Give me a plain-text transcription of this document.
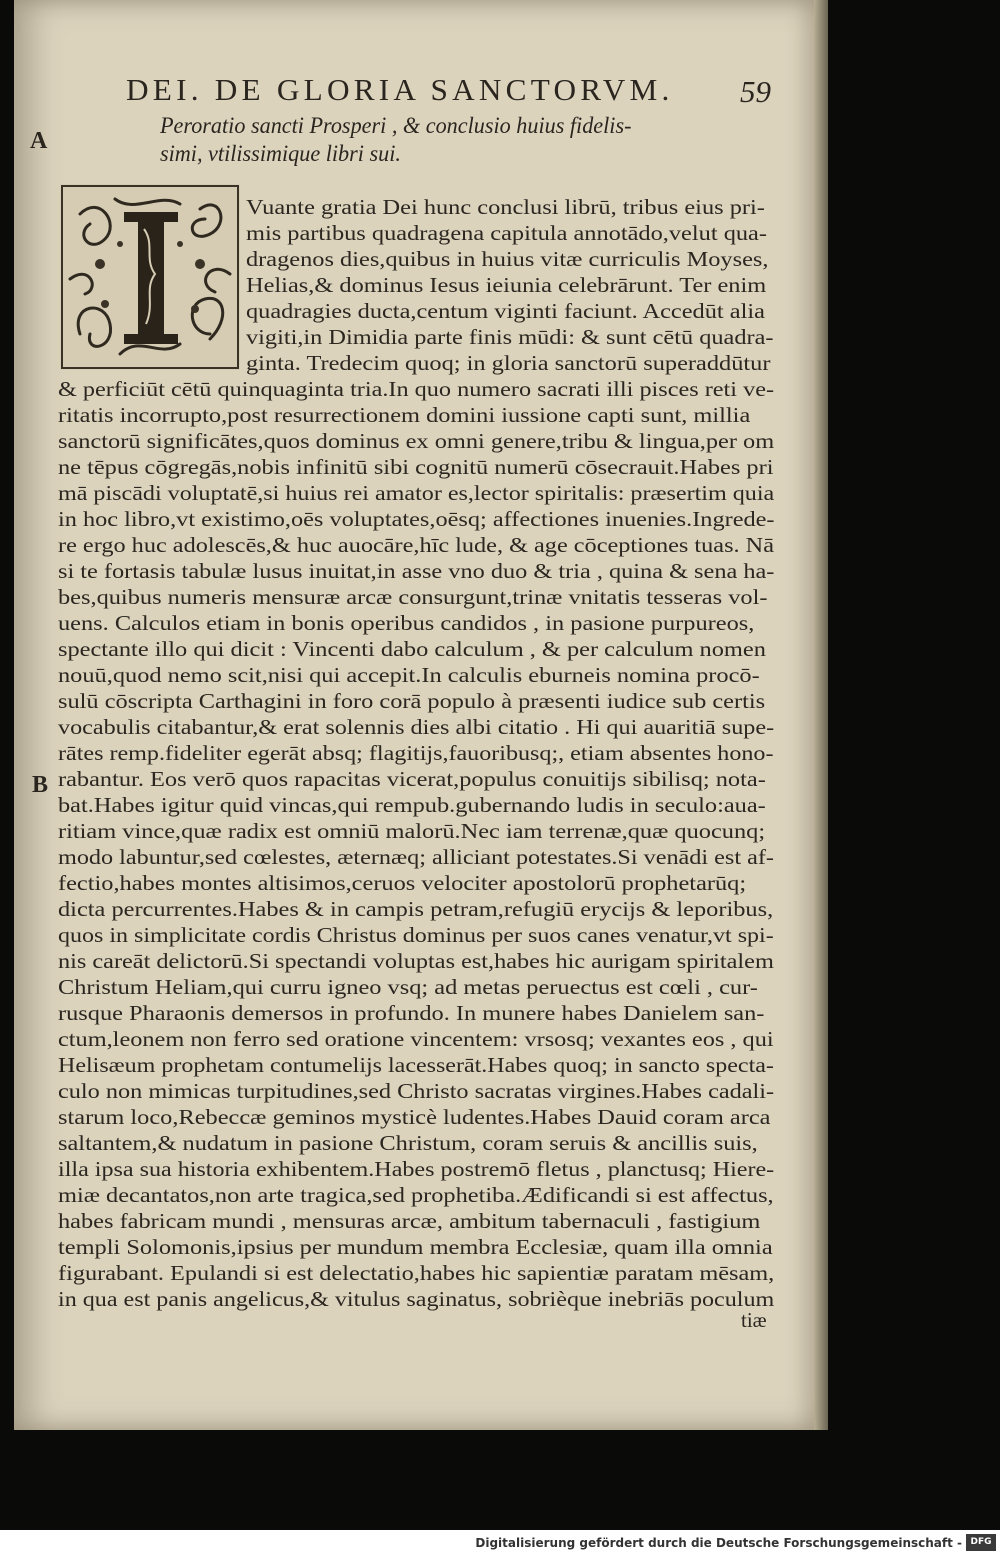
DEI. DE GLORIA SANCTORVM.	59
A
B
Peroratio sancti Prosperi , & conclusio huius fidelis-
simi, vtilissimique libri sui.
Vuante gratia Dei hunc conclusi librū, tribus eius pri-
mis partibus quadragena capitula annotādo,velut qua-
dragenos dies,quibus in huius vitæ curriculis Moyses,
Helias,& dominus Iesus ieiunia celebrārunt. Ter enim
quadragies ducta,centum viginti faciunt. Accedūt alia
vigiti,in Dimidia parte finis mūdi: & sunt cētū quadra-
ginta. Tredecim quoq; in gloria sanctorū superaddūtur
& perficiūt cētū quinquaginta tria.In quo numero sacrati illi pisces reti ve-
ritatis incorrupto,post resurrectionem domini iussione capti sunt, millia
sanctorū significātes,quos dominus ex omni genere,tribu & lingua,per om
ne tēpus cōgregās,nobis infinitū sibi cognitū numerū cōsecrauit.Habes pri
mā piscādi voluptatē,si huius rei amator es,lector spiritalis: præsertim quia
in hoc libro,vt existimo,oēs voluptates,oēsq; affectiones inuenies.Ingrede-
re ergo huc adolescēs,& huc auocāre,hīc lude, & age cōceptiones tuas. Nā
si te fortasis tabulæ lusus inuitat,in asse vno duo & tria , quina & sena ha-
bes,quibus numeris mensuræ arcæ consurgunt,trinæ vnitatis tesseras vol-
uens. Calculos etiam in bonis operibus candidos , in pasione purpureos,
spectante illo qui dicit : Vincenti dabo calculum , & per calculum nomen
nouū,quod nemo scit,nisi qui accepit.In calculis eburneis nomina procō-
sulū cōscripta Carthagini in foro corā populo à præsenti iudice sub certis
vocabulis citabantur,& erat solennis dies albi citatio . Hi qui auaritiā supe-
rātes remp.fideliter egerāt absq; flagitijs,fauoribusq;, etiam absentes hono-
rabantur. Eos verō quos rapacitas vicerat,populus conuitijs sibilisq; nota-
bat.Habes igitur quid vincas,qui rempub.gubernando ludis in seculo:aua-
ritiam vince,quæ radix est omniū malorū.Nec iam terrenæ,quæ quocunq;
modo labuntur,sed cœlestes, æternæq; alliciant potestates.Si venādi est af-
fectio,habes montes altisimos,ceruos velociter apostolorū prophetarūq;
dicta percurrentes.Habes & in campis petram,refugiū erycijs & leporibus,
quos in simplicitate cordis Christus dominus per suos canes venatur,vt spi-
nis careāt delictorū.Si spectandi voluptas est,habes hic aurigam spiritalem
Christum Heliam,qui curru igneo vsq; ad metas peruectus est cœli , cur-
rusque Pharaonis demersos in profundo. In munere habes Danielem san-
ctum,leonem non ferro sed oratione vincentem: vrsosq; vexantes eos , qui
Helisæum prophetam contumelijs lacesserāt.Habes quoq; in sancto specta-
culo non mimicas turpitudines,sed Christo sacratas virgines.Habes cadali-
starum loco,Rebeccæ geminos mysticè ludentes.Habes Dauid coram arca
saltantem,& nudatum in pasione Christum, coram seruis & ancillis suis,
illa ipsa sua historia exhibentem.Habes postremō fletus , planctusq; Hiere-
miæ decantatos,non arte tragica,sed prophetiba.Ædificandi si est affectus,
habes fabricam mundi , mensuras arcæ, ambitum tabernaculi , fastigium
templi Solomonis,ipsius per mundum membra Ecclesiæ, quam illa omnia
figurabant. Epulandi si est delectatio,habes hic sapientiæ paratam mēsam,
in qua est panis angelicus,& vitulus saginatus, sobrièque inebriās poculum
tiæ
Digitalisierung gefördert durch die Deutsche Forschungsgemeinschaft - DFG
